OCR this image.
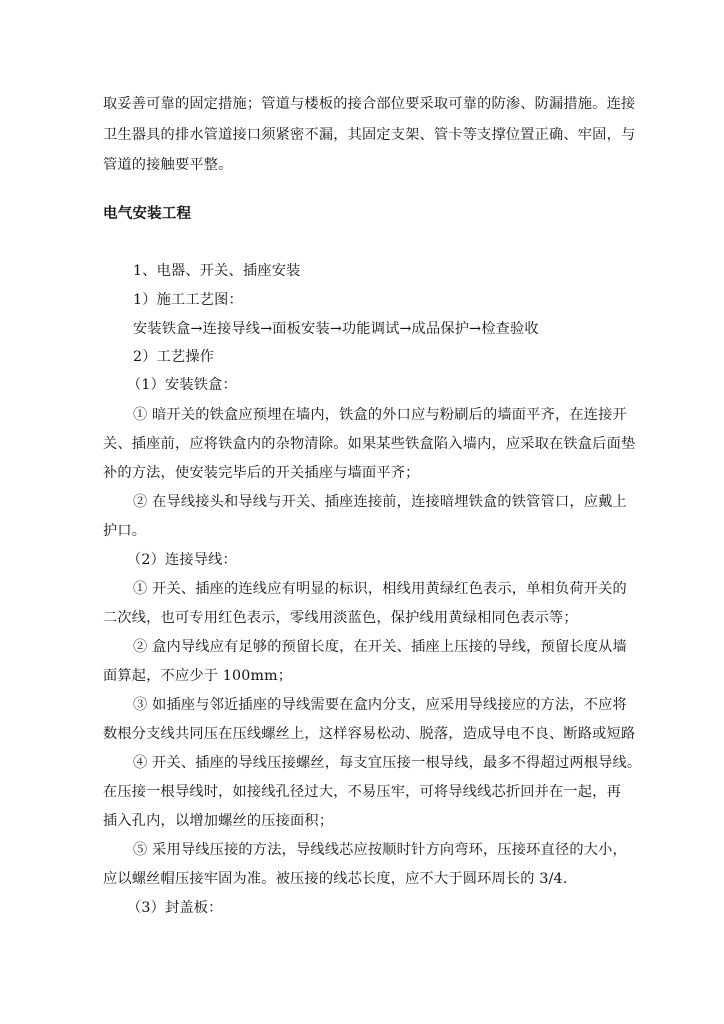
取妥善可靠的固定措施；管道与楼板的接合部位要采取可靠的防渗、防漏措施。连接
卫生器具的排水管道接口须紧密不漏，其固定支架、管卡等支撑位置正确、牢固，与
管道的接触要平整。
电气安装工程
1、电器、开关、插座安装
1）施工工艺图：
安装铁盒→连接导线→面板安装→功能调试→成品保护→检查验收
2）工艺操作
（1）安装铁盒：
① 暗开关的铁盒应预埋在墙内，铁盒的外口应与粉刷后的墙面平齐，在连接开
关、插座前，应将铁盒内的杂物清除。如果某些铁盒陷入墙内，应采取在铁盒后面垫
补的方法，使安装完毕后的开关插座与墙面平齐；
② 在导线接头和导线与开关、插座连接前，连接暗埋铁盒的铁管管口，应戴上
护口。
（2）连接导线：
① 开关、插座的连线应有明显的标识，相线用黄绿红色表示，单相负荷开关的
二次线，也可专用红色表示，零线用淡蓝色，保护线用黄绿相同色表示等；
② 盒内导线应有足够的预留长度，在开关、插座上压接的导线，预留长度从墙
面算起，不应少于 100mm；
③ 如插座与邻近插座的导线需要在盒内分支，应采用导线接应的方法，不应将
数根分支线共同压在压线螺丝上，这样容易松动、脱落，造成导电不良、断路或短路
④ 开关、插座的导线压接螺丝，每支宜压接一根导线，最多不得超过两根导线。
在压接一根导线时，如接线孔径过大，不易压牢，可将导线线芯折回并在一起，再
插入孔内，以增加螺丝的压接面积；
⑤ 采用导线压接的方法，导线线芯应按顺时针方向弯环，压接环直径的大小，
应以螺丝帽压接牢固为准。被压接的线芯长度，应不大于圆环周长的 3/4.
（3）封盖板：
